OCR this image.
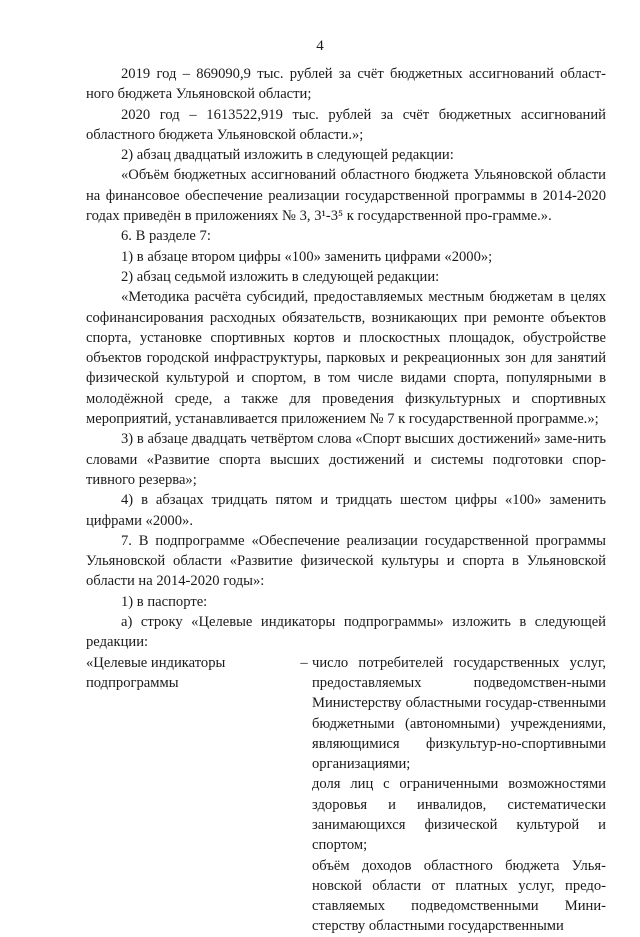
4

2019 год – 869090,9 тыс. рублей за счёт бюджетных ассигнований област-ного бюджета Ульяновской области;

2020 год – 1613522,919 тыс. рублей за счёт бюджетных ассигнований областного бюджета Ульяновской области.»;

2) абзац двадцатый изложить в следующей редакции:

«Объём бюджетных ассигнований областного бюджета Ульяновской области на финансовое обеспечение реализации государственной программы в 2014-2020 годах приведён в приложениях № 3, 3¹-3⁵ к государственной про-грамме.».

6. В разделе 7:

1) в абзаце втором цифры «100» заменить цифрами «2000»;

2) абзац седьмой изложить в следующей редакции:

«Методика расчёта субсидий, предоставляемых местным бюджетам в целях софинансирования расходных обязательств, возникающих при ремонте объектов спорта, установке спортивных кортов и плоскостных площадок, обустройстве объектов городской инфраструктуры, парковых и рекреационных зон для занятий физической культурой и спортом, в том числе видами спорта, популярными в молодёжной среде, а также для проведения физкультурных и спортивных мероприятий, устанавливается приложением № 7 к государственной программе.»;

3) в абзаце двадцать четвёртом слова «Спорт высших достижений» заме-нить словами «Развитие спорта высших достижений и системы подготовки спор-тивного резерва»;

4) в абзацах тридцать пятом и тридцать шестом цифры «100» заменить цифрами «2000».

7. В подпрограмме «Обеспечение реализации государственной программы Ульяновской области «Развитие физической культуры и спорта в Ульяновской области на 2014-2020 годы»:

1) в паспорте:

а) строку «Целевые индикаторы подпрограммы» изложить в следующей редакции:

«Целевые индикаторы подпрограммы
– число потребителей государственных услуг, предоставляемых подведомствен-ными Министерству областными государ-ственными бюджетными (автономными) учреждениями, являющимися физкультур-но-спортивными организациями;

доля лиц с ограниченными возможностями здоровья и инвалидов, систематически занимающихся физической культурой и спортом;

объём доходов областного бюджета Улья-новской области от платных услуг, предо-ставляемых подведомственными Мини-стерству областными государственными
